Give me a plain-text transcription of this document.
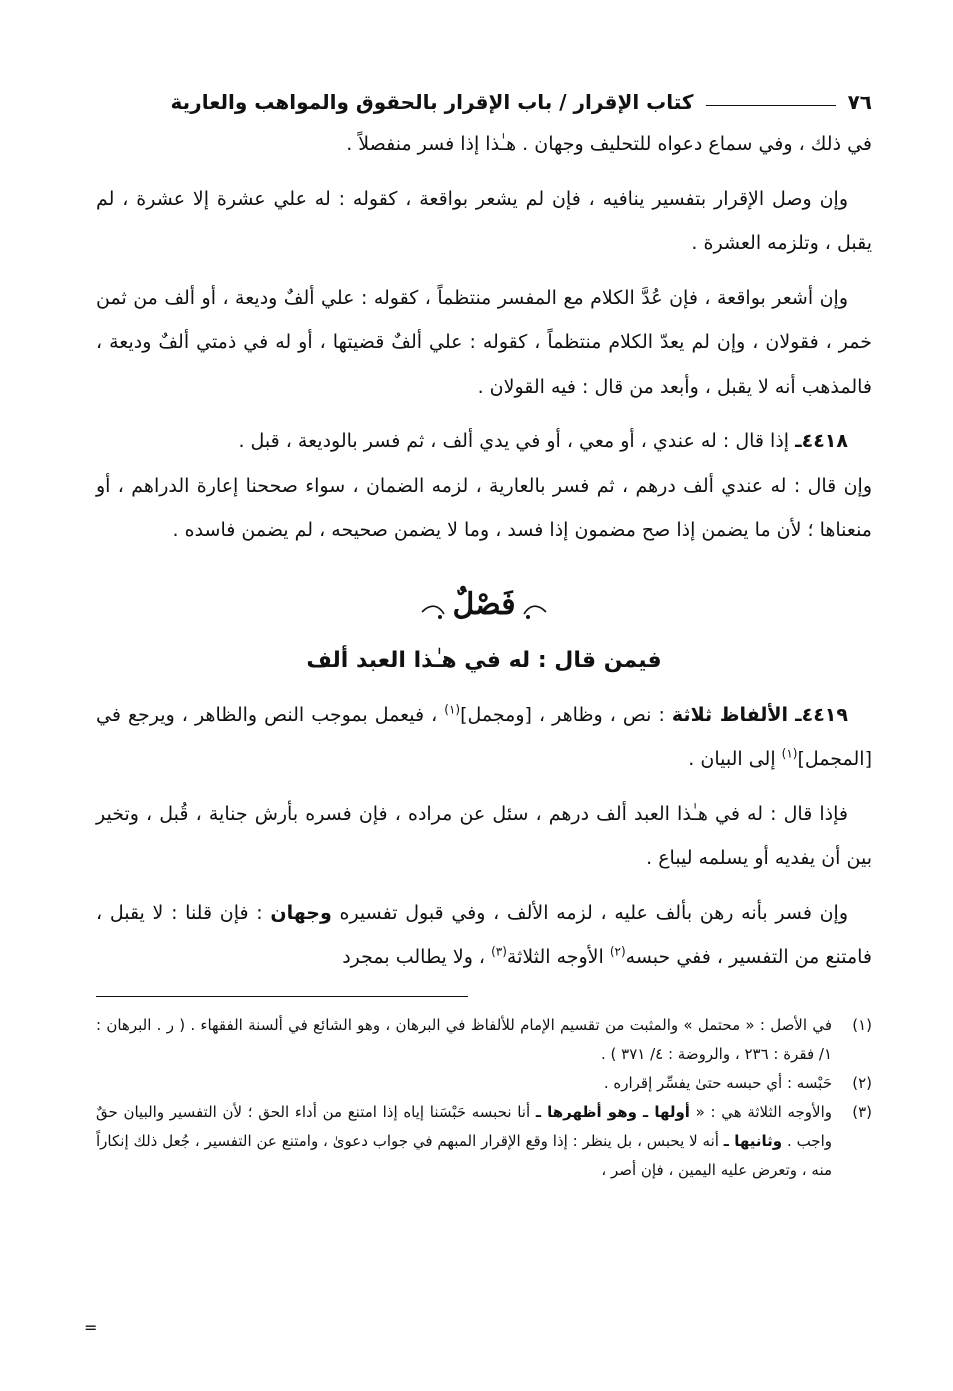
٧٦
كتاب الإقرار / باب الإقرار بالحقوق والمواهب والعارية

في ذلك ، وفي سماع دعواه للتحليف وجهان . هـٰذا إذا فسر منفصلاً .

وإن وصل الإقرار بتفسير ينافيه ، فإن لم يشعر بواقعة ، كقوله : له علي عشرة إلا عشرة ، لم يقبل ، وتلزمه العشرة .

وإن أشعر بواقعة ، فإن عُدَّ الكلام مع المفسر منتظماً ، كقوله : علي ألفٌ وديعة ، أو ألف من ثمن خمر ، فقولان ، وإن لم يعدّ الكلام منتظماً ، كقوله : علي ألفٌ قضيتها ، أو له في ذمتي ألفٌ وديعة ، فالمذهب أنه لا يقبل ، وأبعد من قال : فيه القولان .

٤٤١٨ـ إذا قال : له عندي ، أو معي ، أو في يدي ألف ، ثم فسر بالوديعة ، قبل .

وإن قال : له عندي ألف درهم ، ثم فسر بالعارية ، لزمه الضمان ، سواء صححنا إعارة الدراهم ، أو منعناها ؛ لأن ما يضمن إذا صح مضمون إذا فسد ، وما لا يضمن صحيحه ، لم يضمن فاسده .

فَصْلٌ
فيمن قال : له في هـٰذا العبد ألف

٤٤١٩ـ الألفاظ ثلاثة : نص ، وظاهر ، [ومجمل]$^{(١)}$ ، فيعمل بموجب النص والظاهر ، ويرجع في [المجمل]$^{(١)}$ إلى البيان .

فإذا قال : له في هـٰذا العبد ألف درهم ، سئل عن مراده ، فإن فسره بأرش جناية ، قُبل ، وتخير بين أن يفديه أو يسلمه ليباع .

وإن فسر بأنه رهن بألف عليه ، لزمه الألف ، وفي قبول تفسيره وجهان : فإن قلنا : لا يقبل ، فامتنع من التفسير ، ففي حبسه$^{(٢)}$ الأوجه الثلاثة$^{(٣)}$ ، ولا يطالب بمجرد

(١)
في الأصل : « محتمل » والمثبت من تقسيم الإمام للألفاظ في البرهان ، وهو الشائع في ألسنة الفقهاء . ( ر . البرهان : ١/ فقرة : ٢٣٦ ، والروضة : ٤/ ٣٧١ ) .
(٢)
حَبْسه : أي حبسه حتىٰ يفسِّر إقراره .
(٣)
والأوجه الثلاثة هي : « أولها ـ وهو أظهرها ـ أنا نحبسه حَبْسَنا إياه إذا امتنع من أداء الحق ؛ لأن التفسير والبيان حقٌ واجب . وثانيها ـ أنه لا يحبس ، بل ينظر : إذا وقع الإقرار المبهم في جواب دعوىٰ ، وامتنع عن التفسير ، جُعل ذلك إنكاراً منه ، وتعرض عليه اليمين ، فإن أصر ،
=
